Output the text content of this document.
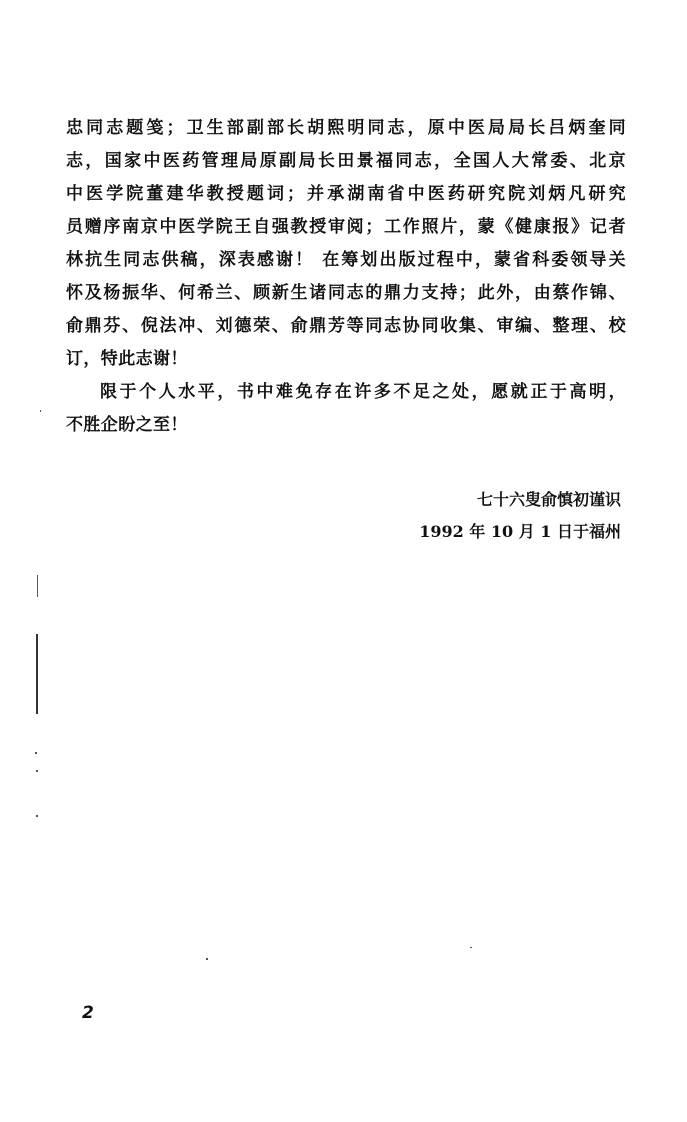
忠同志题笺；卫生部副部长胡熙明同志，原中医局局长吕炳奎同
志，国家中医药管理局原副局长田景福同志，全国人大常委、北京
中医学院董建华教授题词；并承湖南省中医药研究院刘炳凡研究
员赠序南京中医学院王自强教授审阅；工作照片，蒙《健康报》记者
林抗生同志供稿，深表感谢！ 在筹划出版过程中，蒙省科委领导关
怀及杨振华、何希兰、顾新生诸同志的鼎力支持；此外，由蔡作锦、
俞鼎芬、倪法冲、刘德荣、俞鼎芳等同志协同收集、审编、整理、校
订，特此志谢！
限于个人水平，书中难免存在许多不足之处，愿就正于高明，
不胜企盼之至！
七十六叟俞慎初谨识
1992 年 10 月 1 日于福州
2
